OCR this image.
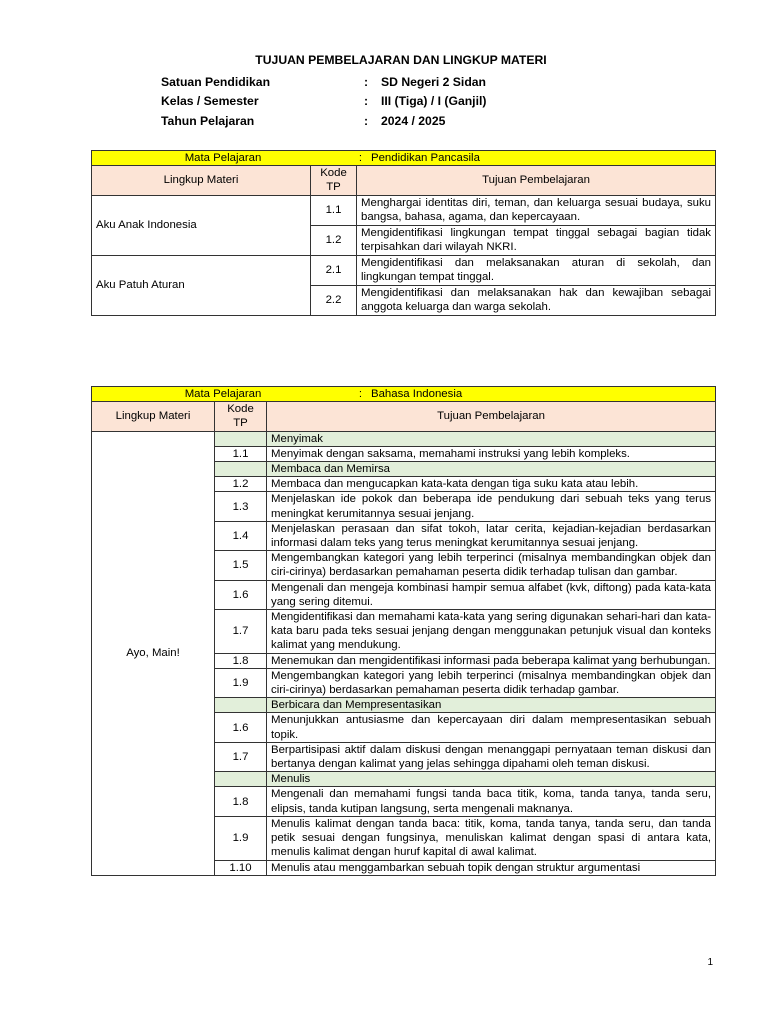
TUJUAN PEMBELAJARAN DAN LINGKUP MATERI
Satuan Pendidikan	:	SD Negeri 2 Sidan
Kelas / Semester	:	III (Tiga) / I (Ganjil)
Tahun Pelajaran	:	2024 / 2025
Mata Pelajaran : Pendidikan Pancasila		

Lingkup Materi	Kode TP	Tujuan Pembelajaran
Aku Anak Indonesia	1.1	Menghargai identitas diri, teman, dan keluarga sesuai budaya, suku bangsa, bahasa, agama, dan kepercayaan.
	1.2	Mengidentifikasi lingkungan tempat tinggal sebagai bagian tidak terpisahkan dari wilayah NKRI.
Aku Patuh Aturan	2.1	Mengidentifikasi dan melaksanakan aturan di sekolah, dan lingkungan tempat tinggal.
	2.2	Mengidentifikasi dan melaksanakan hak dan kewajiban sebagai anggota keluarga dan warga sekolah.
Mata Pelajaran : Bahasa Indonesia		

Lingkup Materi	Kode TP	Tujuan Pembelajaran
Ayo, Main!		Menyimak
	1.1	Menyimak dengan saksama, memahami instruksi yang lebih kompleks.
		Membaca dan Memirsa
	1.2	Membaca dan mengucapkan kata-kata dengan tiga suku kata atau lebih.
	1.3	Menjelaskan ide pokok dan beberapa ide pendukung dari sebuah teks yang terus meningkat kerumitannya sesuai jenjang.
	1.4	Menjelaskan perasaan dan sifat tokoh, latar cerita, kejadian-kejadian berdasarkan informasi dalam teks yang terus meningkat kerumitannya sesuai jenjang.
	1.5	Mengembangkan kategori yang lebih terperinci (misalnya membandingkan objek dan ciri-cirinya) berdasarkan pemahaman peserta didik terhadap tulisan dan gambar.
	1.6	Mengenali dan mengeja kombinasi hampir semua alfabet (kvk, diftong) pada kata-kata yang sering ditemui.
	1.7	Mengidentifikasi dan memahami kata-kata yang sering digunakan sehari-hari dan kata-kata baru pada teks sesuai jenjang dengan menggunakan petunjuk visual dan konteks kalimat yang mendukung.
	1.8	Menemukan dan mengidentifikasi informasi pada beberapa kalimat yang berhubungan.
	1.9	Mengembangkan kategori yang lebih terperinci (misalnya membandingkan objek dan ciri-cirinya) berdasarkan pemahaman peserta didik terhadap gambar.
		Berbicara dan Mempresentasikan
	1.6	Menunjukkan antusiasme dan kepercayaan diri dalam mempresentasikan sebuah topik.
	1.7	Berpartisipasi aktif dalam diskusi dengan menanggapi pernyataan teman diskusi dan bertanya dengan kalimat yang jelas sehingga dipahami oleh teman diskusi.
		Menulis
	1.8	Mengenali dan memahami fungsi tanda baca titik, koma, tanda tanya, tanda seru, elipsis, tanda kutipan langsung, serta mengenali maknanya.
	1.9	Menulis kalimat dengan tanda baca: titik, koma, tanda tanya, tanda seru, dan tanda petik sesuai dengan fungsinya, menuliskan kalimat dengan spasi di antara kata, menulis kalimat dengan huruf kapital di awal kalimat.
	1.10	Menulis atau menggambarkan sebuah topik dengan struktur argumentasi
1
